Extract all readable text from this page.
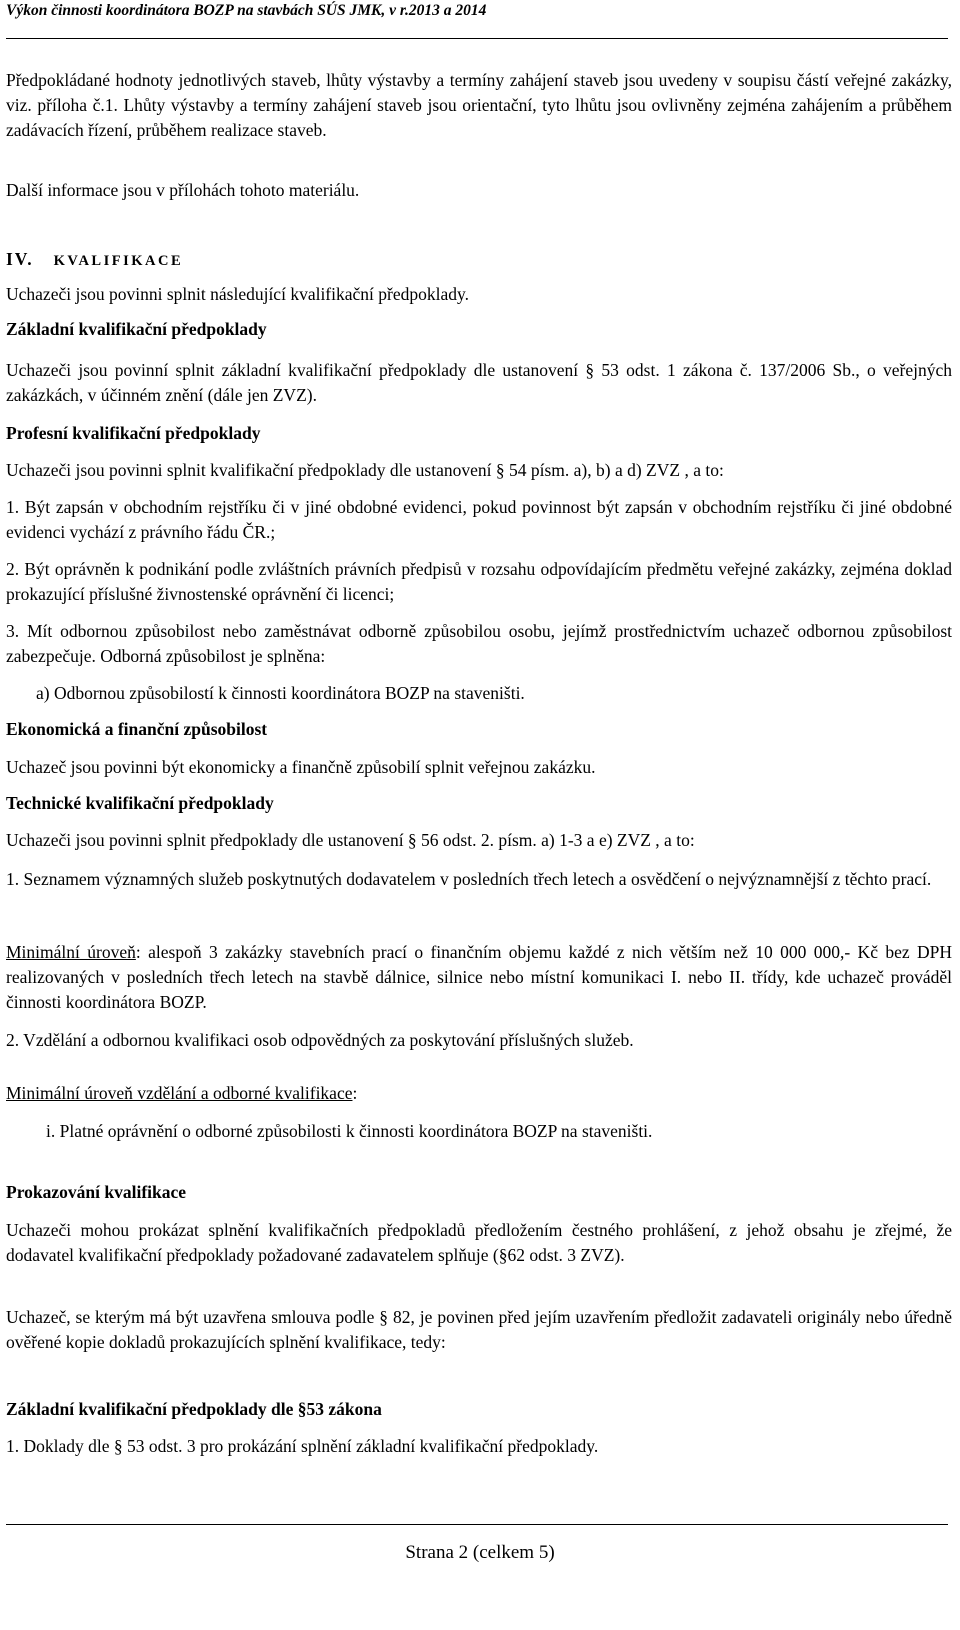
Výkon činnosti koordinátora BOZP na stavbách SÚS JMK, v r.2013 a 2014
Předpokládané hodnoty jednotlivých staveb, lhůty výstavby a termíny zahájení staveb jsou uvedeny v soupisu částí veřejné zakázky, viz. příloha č.1. Lhůty výstavby a termíny zahájení staveb jsou orientační, tyto lhůtu jsou ovlivněny zejména zahájením a průběhem zadávacích řízení, průběhem realizace staveb.
Další informace jsou v přílohách tohoto materiálu.
IV. KVALIFIKACE
Uchazeči jsou povinni splnit následující kvalifikační předpoklady.
Základní kvalifikační předpoklady
Uchazeči jsou povinní splnit základní kvalifikační předpoklady dle ustanovení § 53 odst. 1 zákona č. 137/2006 Sb., o veřejných zakázkách, v účinném znění (dále jen ZVZ).
Profesní kvalifikační předpoklady
Uchazeči jsou povinni splnit kvalifikační předpoklady dle ustanovení § 54 písm. a), b) a d) ZVZ , a to:
1. Být zapsán v obchodním rejstříku či v jiné obdobné evidenci, pokud povinnost být zapsán v obchodním rejstříku či jiné obdobné evidenci vychází z právního řádu ČR.;
2. Být oprávněn k podnikání podle zvláštních právních předpisů v rozsahu odpovídajícím předmětu veřejné zakázky, zejména doklad prokazující příslušné živnostenské oprávnění či licenci;
3. Mít odbornou způsobilost nebo zaměstnávat odborně způsobilou osobu, jejímž prostřednictvím uchazeč odbornou způsobilost zabezpečuje. Odborná způsobilost je splněna:
a) Odbornou způsobilostí k činnosti koordinátora BOZP na staveništi.
Ekonomická a finanční způsobilost
Uchazeč jsou povinni být ekonomicky a finančně způsobilí splnit veřejnou zakázku.
Technické kvalifikační předpoklady
Uchazeči jsou povinni splnit předpoklady dle ustanovení § 56 odst. 2. písm. a) 1-3 a e) ZVZ , a to:
1. Seznamem významných služeb poskytnutých dodavatelem v posledních třech letech a osvědčení o nejvýznamnější z těchto prací.
Minimální úroveň: alespoň 3 zakázky stavebních prací o finančním objemu každé z nich větším než 10 000 000,- Kč bez DPH realizovaných v posledních třech letech na stavbě dálnice, silnice nebo místní komunikaci I. nebo II. třídy, kde uchazeč prováděl činnosti koordinátora BOZP.
2. Vzdělání a odbornou kvalifikaci osob odpovědných za poskytování příslušných služeb.
Minimální úroveň vzdělání a odborné kvalifikace:
i. Platné oprávnění o odborné způsobilosti k činnosti koordinátora BOZP na staveništi.
Prokazování kvalifikace
Uchazeči mohou prokázat splnění kvalifikačních předpokladů předložením čestného prohlášení, z jehož obsahu je zřejmé, že dodavatel kvalifikační předpoklady požadované zadavatelem splňuje (§62 odst. 3 ZVZ).
Uchazeč, se kterým má být uzavřena smlouva podle § 82, je povinen před jejím uzavřením předložit zadavateli originály nebo úředně ověřené kopie dokladů prokazujících splnění kvalifikace, tedy:
Základní kvalifikační předpoklady dle §53 zákona
1. Doklady dle § 53 odst. 3 pro prokázání splnění základní kvalifikační předpoklady.
Strana 2 (celkem 5)
